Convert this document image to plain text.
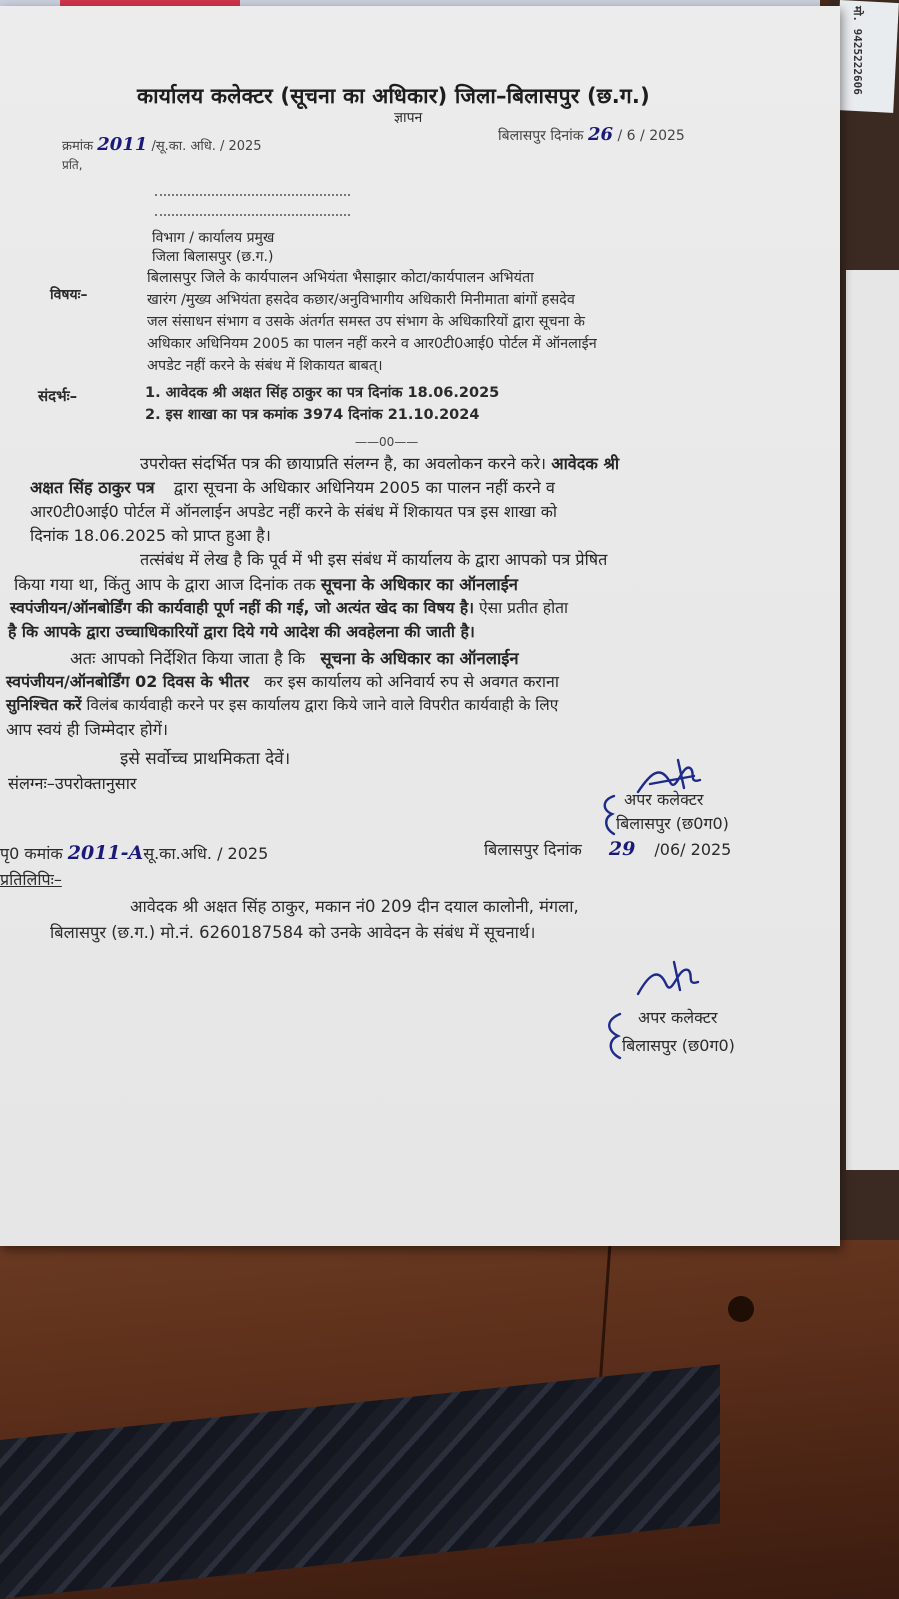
मो. 9425222606
कार्यालय कलेक्टर (सूचना का अधिकार) जिला–बिलासपुर (छ.ग.)
ज्ञापन
क्रमांक 2011 /सू.का. अधि. / 2025
बिलासपुर दिनांक 26 / 6 / 2025
प्रति,
विभाग / कार्यालय प्रमुख
जिला बिलासपुर (छ.ग.)
विषयः–
बिलासपुर जिले के कार्यपालन अभियंता भैसाझार कोटा/कार्यपालन अभियंता
खारंग /मुख्य अभियंता हसदेव कछार/अनुविभागीय अधिकारी मिनीमाता बांगों हसदेव
जल संसाधन संभाग व उसके अंतर्गत समस्त उप संभाग के अधिकारियों द्वारा सूचना के
अधिकार अधिनियम 2005 का पालन नहीं करने व आर0टी0आई0 पोर्टल में ऑनलाईन
अपडेट नहीं करने के संबंध में शिकायत बाबत्।
संदर्भः–	1. आवेदक श्री अक्षत सिंह ठाकुर का पत्र दिनांक 18.06.2025
2. इस शाखा का पत्र कमांक 3974 दिनांक 21.10.2024
——00——
उपरोक्त संदर्भित पत्र की छायाप्रति संलग्न है, का अवलोकन करने करे। आवेदक श्री
अक्षत सिंह ठाकुर पत्र द्वारा सूचना के अधिकार अधिनियम 2005 का पालन नहीं करने व
आर0टी0आई0 पोर्टल में ऑनलाईन अपडेट नहीं करने के संबंध में शिकायत पत्र इस शाखा को
दिनांक 18.06.2025 को प्राप्त हुआ है।
तत्संबंध में लेख है कि पूर्व में भी इस संबंध में कार्यालय के द्वारा आपको पत्र प्रेषित
किया गया था, किंतु आप के द्वारा आज दिनांक तक सूचना के अधिकार का ऑनलाईन
स्वपंजीयन/ऑनबोर्डिंग की कार्यवाही पूर्ण नहीं की गई, जो अत्यंत खेद का विषय है। ऐसा प्रतीत होता
है कि आपके द्वारा उच्चाधिकारियों द्वारा दिये गये आदेश की अवहेलना की जाती है।
अतः आपको निर्देशित किया जाता है कि सूचना के अधिकार का ऑनलाईन
स्वपंजीयन/ऑनबोर्डिंग 02 दिवस के भीतर कर इस कार्यालय को अनिवार्य रुप से अवगत कराना
सुनिश्चित करें विलंब कार्यवाही करने पर इस कार्यालय द्वारा किये जाने वाले विपरीत कार्यवाही के लिए
आप स्वयं ही जिम्मेदार होगें।
इसे सर्वोच्च प्राथमिकता देवें।
संलग्नः–उपरोक्तानुसार
अपर कलेक्टर
बिलासपुर (छ0ग0)
पृ0 कमांक 2011-Aसू.का.अधि. / 2025	बिलासपुर दिनांक 29 /06/ 2025
प्रतिलिपिः–
आवेदक श्री अक्षत सिंह ठाकुर, मकान नं0 209 दीन दयाल कालोनी, मंगला,
बिलासपुर (छ.ग.) मो.नं. 6260187584 को उनके आवेदन के संबंध में सूचनार्थ।
अपर कलेक्टर
बिलासपुर (छ0ग0)
